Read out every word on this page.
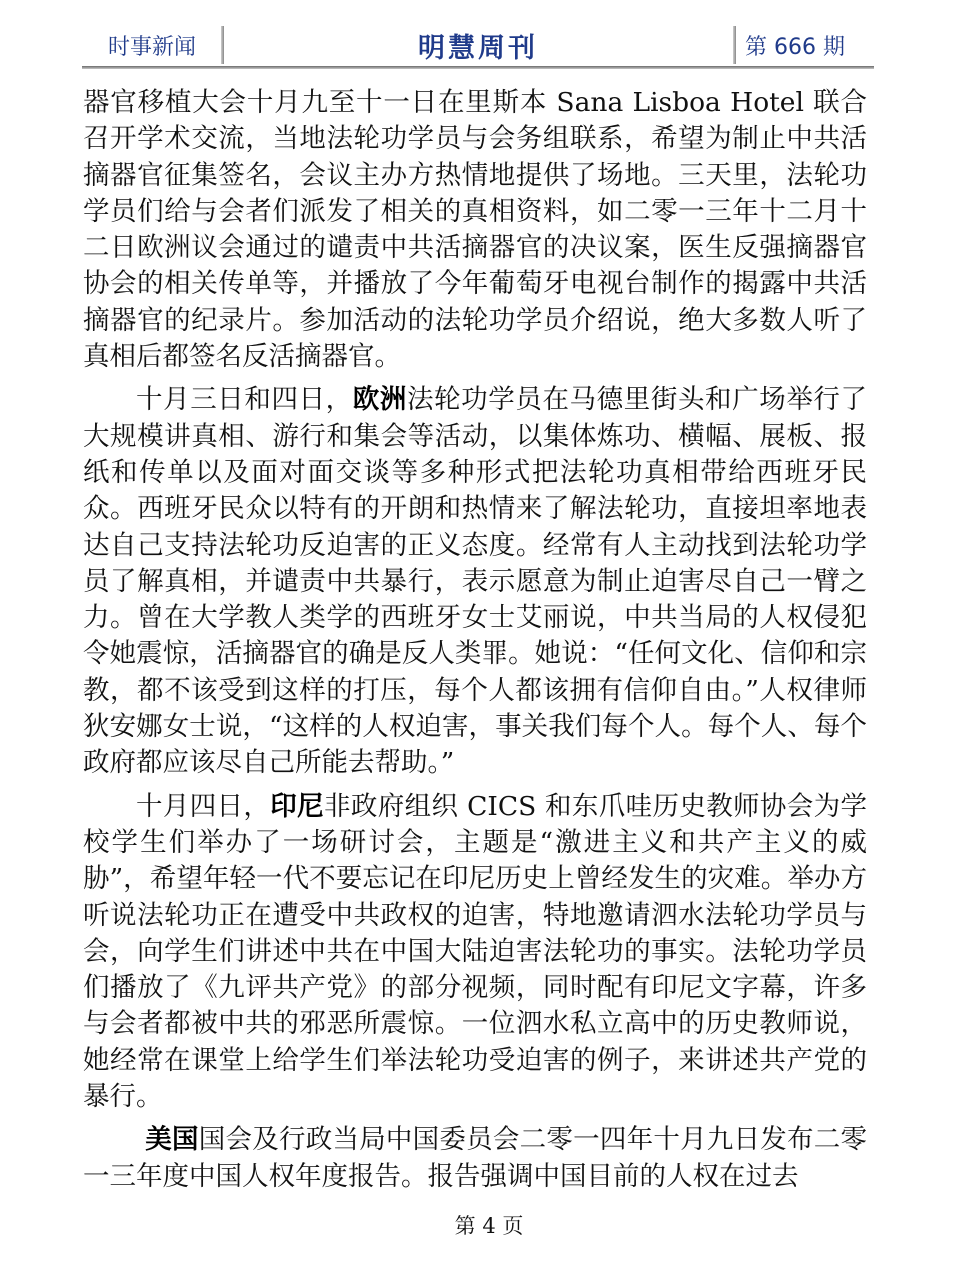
时事新闻	明慧周刊	第 666 期

器官移植大会十月九至十一日在里斯本 Sana Lisboa Hotel 联合召开学术交流，当地法轮功学员与会务组联系，希望为制止中共活摘器官征集签名，会议主办方热情地提供了场地。三天里，法轮功学员们给与会者们派发了相关的真相资料，如二零一三年十二月十二日欧洲议会通过的谴责中共活摘器官的决议案，医生反强摘器官协会的相关传单等，并播放了今年葡萄牙电视台制作的揭露中共活摘器官的纪录片。参加活动的法轮功学员介绍说，绝大多数人听了真相后都签名反活摘器官。

十月三日和四日，欧洲法轮功学员在马德里街头和广场举行了大规模讲真相、游行和集会等活动，以集体炼功、横幅、展板、报纸和传单以及面对面交谈等多种形式把法轮功真相带给西班牙民众。西班牙民众以特有的开朗和热情来了解法轮功，直接坦率地表达自己支持法轮功反迫害的正义态度。经常有人主动找到法轮功学员了解真相，并谴责中共暴行，表示愿意为制止迫害尽自己一臂之力。曾在大学教人类学的西班牙女士艾丽说，中共当局的人权侵犯令她震惊，活摘器官的确是反人类罪。她说：“任何文化、信仰和宗教，都不该受到这样的打压，每个人都该拥有信仰自由。”人权律师狄安娜女士说，“这样的人权迫害，事关我们每个人。每个人、每个政府都应该尽自己所能去帮助。”

十月四日，印尼非政府组织 CICS 和东爪哇历史教师协会为学校学生们举办了一场研讨会，主题是“激进主义和共产主义的威胁”，希望年轻一代不要忘记在印尼历史上曾经发生的灾难。举办方听说法轮功正在遭受中共政权的迫害，特地邀请泗水法轮功学员与会，向学生们讲述中共在中国大陆迫害法轮功的事实。法轮功学员们播放了《九评共产党》的部分视频，同时配有印尼文字幕，许多与会者都被中共的邪恶所震惊。一位泗水私立高中的历史教师说，她经常在课堂上给学生们举法轮功受迫害的例子，来讲述共产党的暴行。

美国国会及行政当局中国委员会二零一四年十月九日发布二零一三年度中国人权年度报告。报告强调中国目前的人权在过去

第 4 页
